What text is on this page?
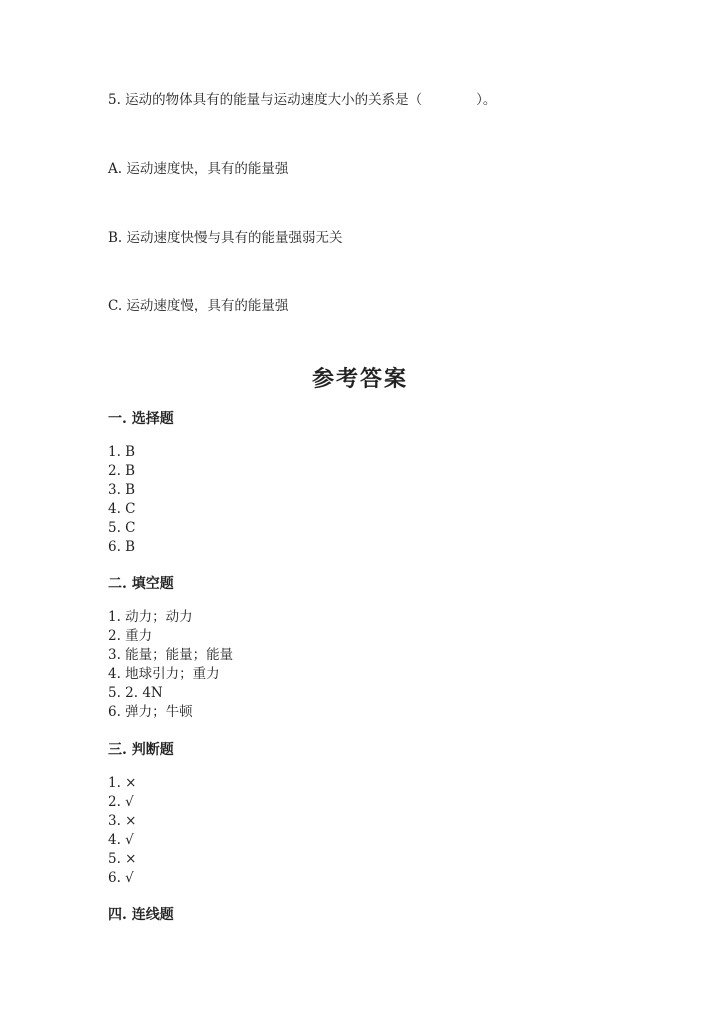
5. 运动的物体具有的能量与运动速度大小的关系是（　　　　）。
A. 运动速度快，具有的能量强
B. 运动速度快慢与具有的能量强弱无关
C. 运动速度慢，具有的能量强
参考答案
一. 选择题
1. B
2. B
3. B
4. C
5. C
6. B
二. 填空题
1. 动力；动力
2. 重力
3. 能量；能量；能量
4. 地球引力；重力
5. 2. 4N
6. 弹力；牛顿
三. 判断题
1. ×
2. √
3. ×
4. √
5. ×
6. √
四. 连线题
